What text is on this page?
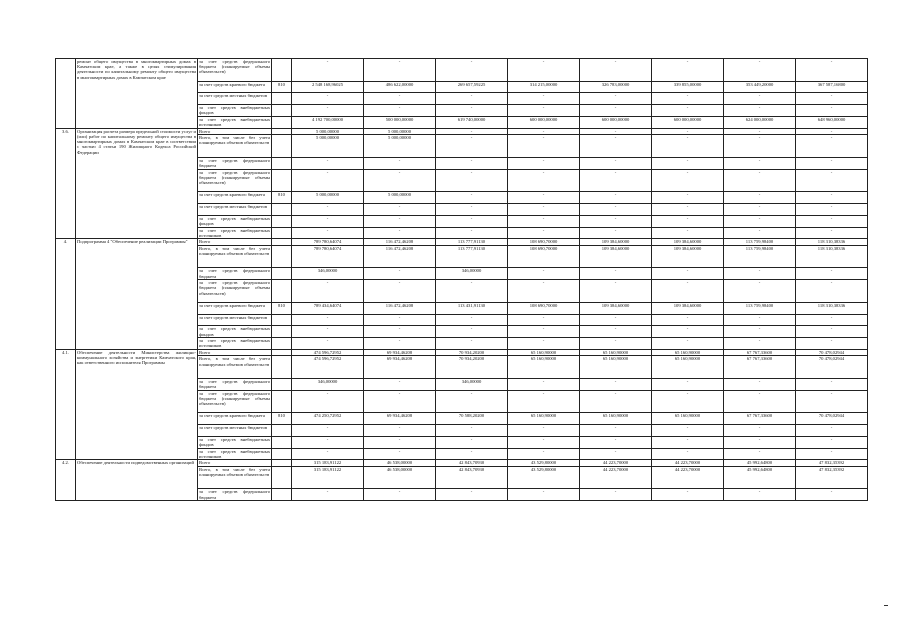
	ремонт общего имущества в многоквартирных домах в Камчатском крае, а также в целях стимулирования деятельности по капитальному ремонту общего имущества в многоквартирных домах в Камчатском крае	за счет средств федерального бюджета (планируемые объемы обязательств)		-	-	-	-	-	-	-	-
		за счет средств краевого бюджета	810	2 548 168,96025	486 622,00000	269 657,59225	314 215,00000	326 783,00000	339 855,00000	353 449,20000	367 587,16800
		за счет средств местных бюджетов		-	-	-	-	-	-	-	-
		за счет средств внебюджетных фондов		-	-	-	-	-	-	-	-
		за счет средств внебюджетных источников		4 192 700,00000	500 000,00000	619 740,00000	600 000,00000	600 000,00000	600 000,00000	624 000,00000	648 960,00000
3.6.	Организация расчета размера предельной стоимости услуг и (или) работ по капитальному ремонту общего имущества в многоквартирных домах в Камчатском крае в соответствии с частью 4 статьи 190 Жилищного Кодекса Российской Федерации	Всего		5 000,00000	5 000,00000	-	-	-	-	-	-
		Всего, в том числе без учета планируемых объемов обязательств		5 000,00000	5 000,00000	-	-	-	-	-	-
		за счет средств федерального бюджета		-	-	-	-	-	-	-	-
		за счет средств федерального бюджета (планируемые объемы обязательств)		-	-	-	-	-	-	-	-
		за счет средств краевого бюджета	810	5 000,00000	5 000,00000	-	-	-	-	-	-
		за счет средств местных бюджетов		-	-	-	-	-	-	-	-
		за счет средств внебюджетных фондов		-	-	-	-	-	-	-	-
		за счет средств внебюджетных источников		-	-	-	-	-	-	-	-
4.	Подпрограмма 4 "Обеспечение реализации Программы"	Всего		789 780,64074	116 472,46208	113 777,91130	108 690,70000	109 384,60000	109 384,60000	113 759,98400	118 310,38336
		Всего, в том числе без учета планируемых объемов обязательств		789 780,64074	116 472,46208	113 777,91130	108 690,70000	109 384,60000	109 384,60000	113 759,98400	118 310,38336
		за счет средств федерального бюджета		346,00000	-	346,00000	-	-	-	-	-
		за счет средств федерального бюджета (планируемые объемы обязательств)		-	-	-	-	-	-	-	-
		за счет средств краевого бюджета	810	789 434,64074	116 472,46208	113 431,91130	108 690,70000	109 384,60000	109 384,60000	113 759,98400	118 310,38336
		за счет средств местных бюджетов		-	-	-	-	-	-	-	-
		за счет средств внебюджетных фондов		-	-	-	-	-	-	-	-
		за счет средств внебюджетных источников		-	-	-	-	-	-	-	-
4.1.	Обеспечение деятельности Министерства жилищно-коммунального хозяйства и энергетики Камчатского края, как ответственного исполнителя Программы	Всего		474 596,72952	69 934,46208	70 934,20200	65 160,90000	65 160,90000	65 160,90000	67 767,33600	70 478,02944
		Всего, в том числе без учета планируемых объемов обязательств		474 596,72952	69 934,46208	70 934,20200	65 160,90000	65 160,90000	65 160,90000	67 767,33600	70 478,02944
		за счет средств федерального бюджета		346,00000	-	346,00000	-	-	-	-	-
		за счет средств федерального бюджета (планируемые объемы обязательств)		-	-	-	-	-	-	-	-
		за счет средств краевого бюджета	810	474 250,72952	69 934,46208	70 588,20200	65 160,90000	65 160,90000	65 160,90000	67 767,33600	70 478,02944
		за счет средств местных бюджетов		-	-	-	-	-	-	-	-
		за счет средств внебюджетных фондов		-	-	-	-	-	-	-	-
		за счет средств внебюджетных источников		-	-	-	-	-	-	-	-
4.2.	Обеспечение деятельности подведомственных организаций	Всего		315 183,91122	46 538,00000	42 843,70930	43 529,80000	44 223,70000	44 223,70000	45 992,64800	47 832,35392
		Всего, в том числе без учета планируемых объемов обязательств		315 183,91122	46 538,00000	42 843,70930	43 529,80000	44 223,70000	44 223,70000	45 992,64800	47 832,35392
		за счет средств федерального бюджета		-	-	-	-	-	-	-	-
